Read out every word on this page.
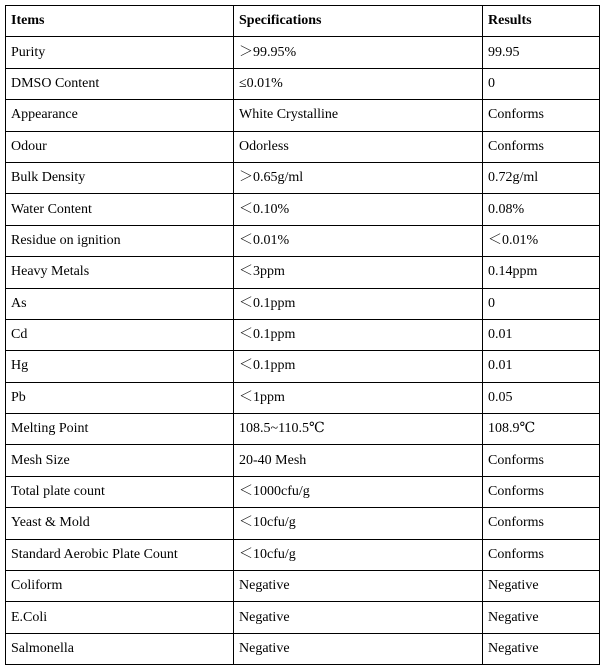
Items	Specifications	Results
Purity	＞99.95%	99.95
DMSO Content	≤0.01%	0
Appearance	White Crystalline	Conforms
Odour	Odorless	Conforms
Bulk Density	＞0.65g/ml	0.72g/ml
Water Content	＜0.10%	0.08%
Residue on ignition	＜0.01%	＜0.01%
Heavy Metals	＜3ppm	0.14ppm
As	＜0.1ppm	0
Cd	＜0.1ppm	0.01
Hg	＜0.1ppm	0.01
Pb	＜1ppm	0.05
Melting Point	108.5~110.5℃	108.9℃
Mesh Size	20-40 Mesh	Conforms
Total plate count	＜1000cfu/g	Conforms
Yeast & Mold	＜10cfu/g	Conforms
Standard Aerobic Plate Count	＜10cfu/g	Conforms
Coliform	Negative	Negative
E.Coli	Negative	Negative
Salmonella	Negative	Negative
